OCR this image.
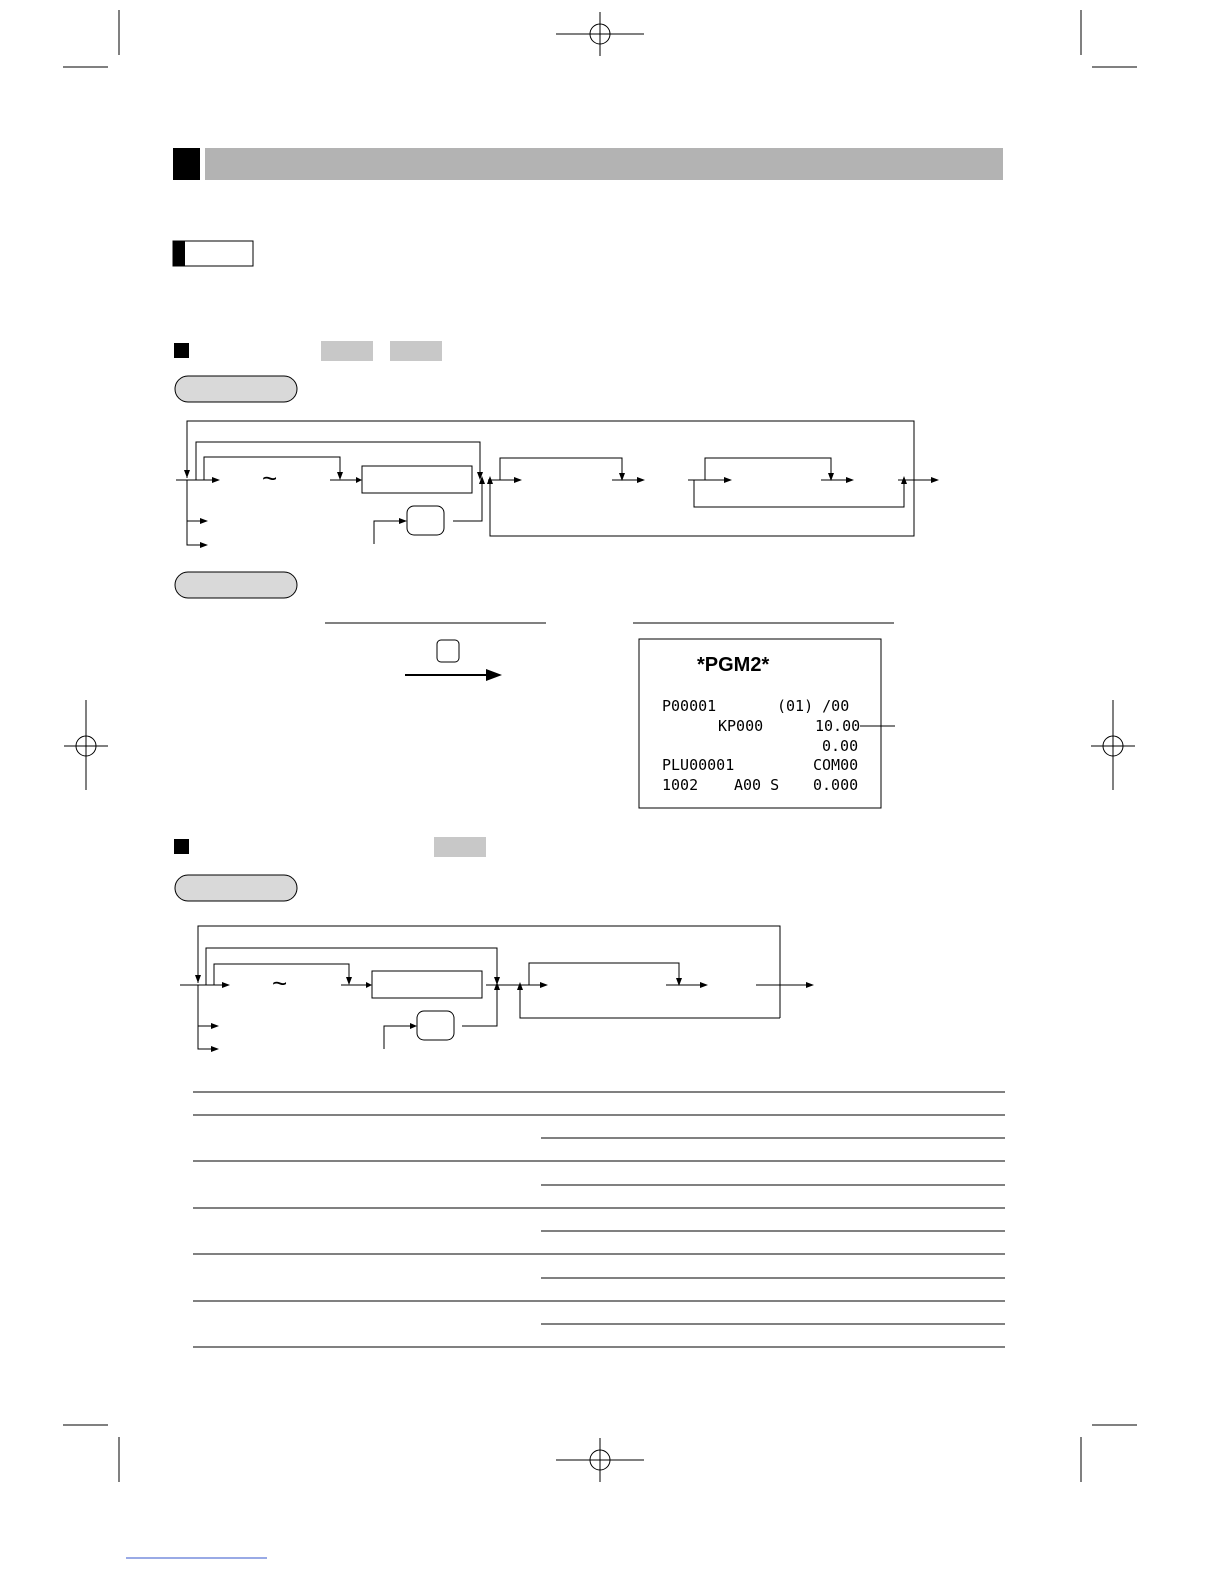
~
~
*PGM2*
P00001	(01) /00
KP000	10.00
0.00
PLU00001	COM00
1002 A00 S 0.000
